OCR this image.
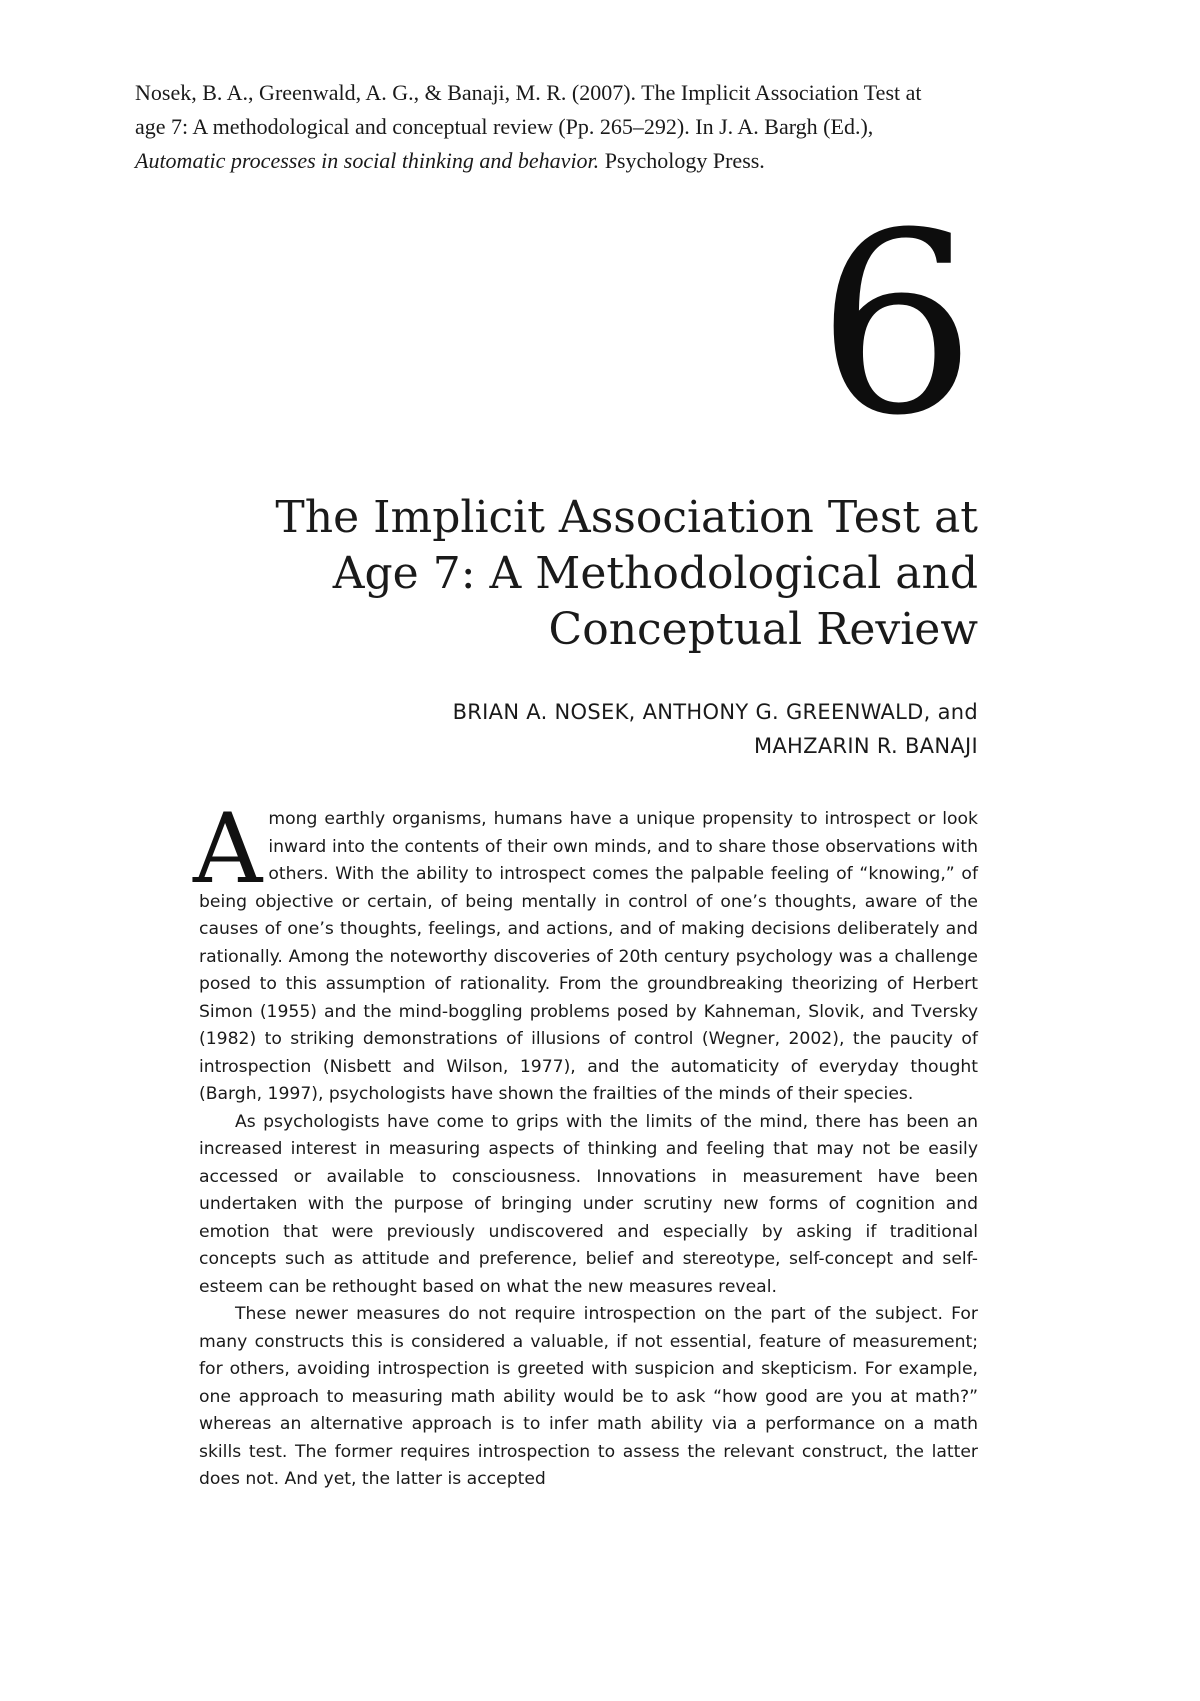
Nosek, B. A., Greenwald, A. G., & Banaji, M. R. (2007). The Implicit Association Test at
age 7: A methodological and conceptual review (Pp. 265–292). In J. A. Bargh (Ed.),
Automatic processes in social thinking and behavior. Psychology Press.
6
The Implicit Association Test at
Age 7: A Methodological and
Conceptual Review
BRIAN A. NOSEK, ANTHONY G. GREENWALD, and
MAHZARIN R. BANAJI

Among earthly organisms, humans have a unique propensity to introspect or look inward into the contents of their own minds, and to share those observations with others. With the ability to introspect comes the palpable feeling of “knowing,” of being objective or certain, of being mentally in control of one’s thoughts, aware of the causes of one’s thoughts, feelings, and actions, and of making decisions deliberately and rationally. Among the noteworthy discoveries of 20th century psychology was a challenge posed to this assumption of rationality. From the groundbreaking theorizing of Herbert Simon (1955) and the mind-boggling problems posed by Kahneman, Slovik, and Tversky (1982) to striking demonstrations of illusions of control (Wegner, 2002), the paucity of introspection (Nisbett and Wilson, 1977), and the automaticity of everyday thought (Bargh, 1997), psychologists have shown the frailties of the minds of their species.

As psychologists have come to grips with the limits of the mind, there has been an increased interest in measuring aspects of thinking and feeling that may not be easily accessed or available to consciousness. Innovations in measurement have been undertaken with the purpose of bringing under scrutiny new forms of cognition and emotion that were previously undiscovered and especially by asking if traditional concepts such as attitude and preference, belief and stereotype, self-concept and self-esteem can be rethought based on what the new measures reveal.

These newer measures do not require introspection on the part of the subject. For many constructs this is considered a valuable, if not essential, feature of measurement; for others, avoiding introspection is greeted with suspicion and skepticism. For example, one approach to measuring math ability would be to ask “how good are you at math?” whereas an alternative approach is to infer math ability via a performance on a math skills test. The former requires introspection to assess the relevant construct, the latter does not. And yet, the latter is accepted
